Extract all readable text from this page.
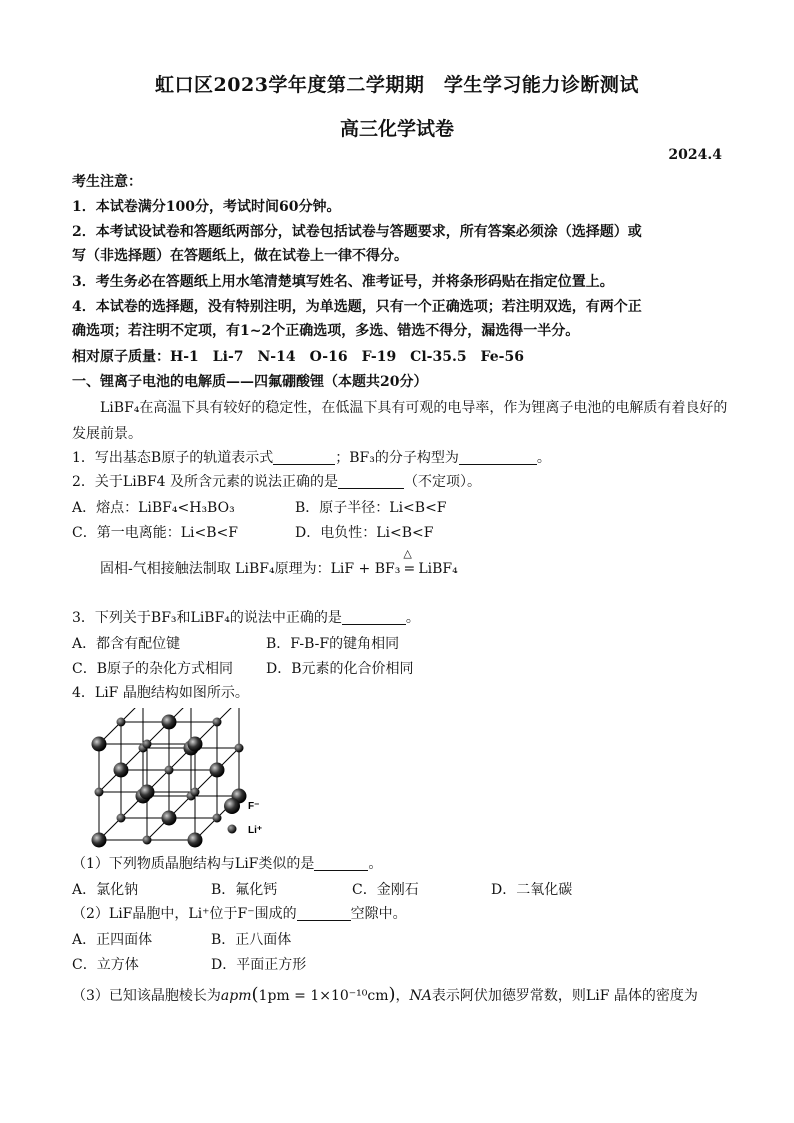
虹口区2023学年度第二学期期　学生学习能力诊断测试
高三化学试卷
2024.4
考生注意：
1．本试卷满分100分，考试时间60分钟。
2．本考试设试卷和答题纸两部分，试卷包括试卷与答题要求，所有答案必须涂（选择题）或
写（非选择题）在答题纸上，做在试卷上一律不得分。
3．考生务必在答题纸上用水笔清楚填写姓名、准考证号，并将条形码贴在指定位置上。
4．本试卷的选择题，没有特别注明，为单选题，只有一个正确选项；若注明双选，有两个正
确选项；若注明不定项，有1~2个正确选项，多选、错选不得分，漏选得一半分。
相对原子质量：H-1　Li-7　N-14　O-16　F-19　Cl-35.5　Fe-56
一、锂离子电池的电解质——四氟硼酸锂（本题共20分）
LiBF₄在高温下具有较好的稳定性，在低温下具有可观的电导率，作为锂离子电池的电解质有着良好的
发展前景。
1．写出基态B原子的轨道表示式	；BF₃的分子构型为	。
2．关于LiBF4 及所含元素的说法正确的是	（不定项）。
A．熔点：LiBF₄<H₃BO₃	B．原子半径：Li<B<F
C．第一电离能：Li<B<F	D．电负性：Li<B<F
固相-气相接触法制取 LiBF₄原理为：LiF + BF₃
△
= LiBF₄
3．下列关于BF₃和LiBF₄的说法中正确的是	。
A．都含有配位键	B．F-B-F的键角相同
C．B原子的杂化方式相同 D．B元素的化合价相同
4．LiF 晶胞结构如图所示。
F⁻
Li⁺
（1）下列物质晶胞结构与LiF类似的是	。
A．氯化钠	B．氟化钙	C．金刚石	D．二氧化碳
（2）LiF晶胞中，Li⁺位于F⁻围成的	空隙中。
A．正四面体	B．正八面体
C．立方体	D．平面正方形
（3）已知该晶胞棱长为apm(1pm = 1×10⁻¹⁰cm)，NA表示阿伏加德罗常数，则LiF 晶体的密度为
